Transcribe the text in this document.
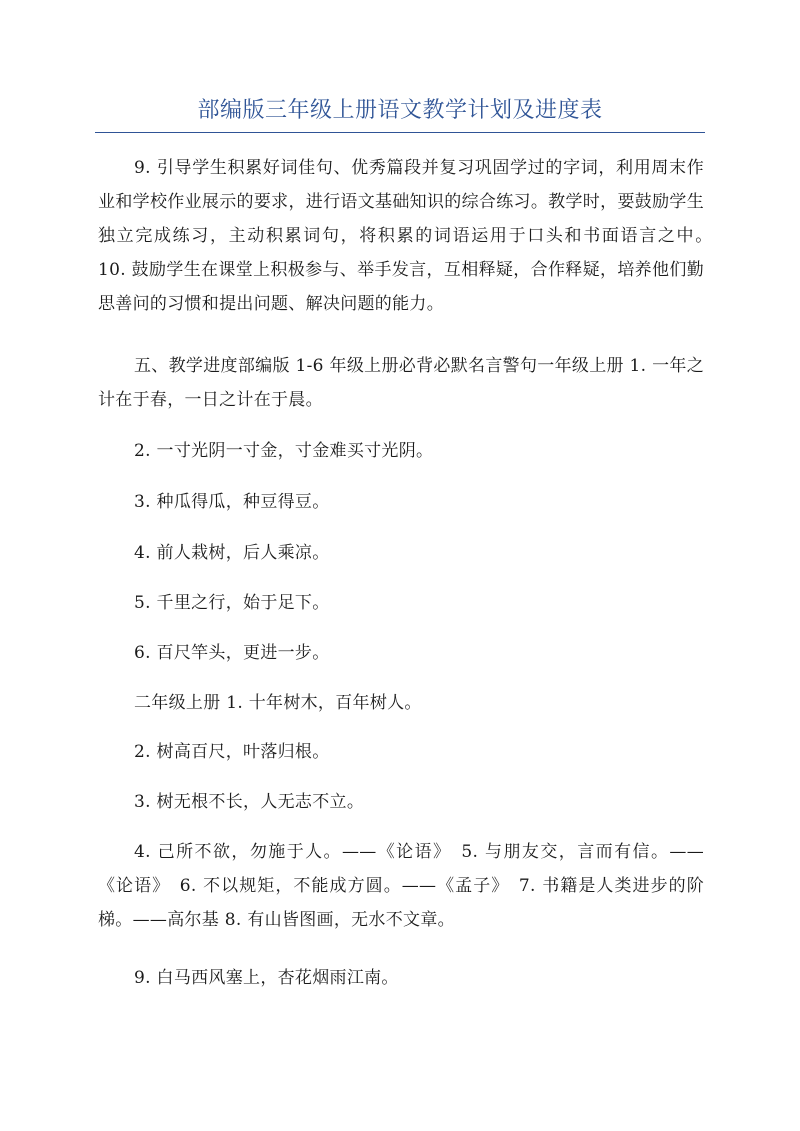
部编版三年级上册语文教学计划及进度表

9. 引导学生积累好词佳句、优秀篇段并复习巩固学过的字词，利用周末作业和学校作业展示的要求，进行语文基础知识的综合练习。教学时，要鼓励学生独立完成练习，主动积累词句，将积累的词语运用于口头和书面语言之中。　　10. 鼓励学生在课堂上积极参与、举手发言，互相释疑，合作释疑，培养他们勤思善问的习惯和提出问题、解决问题的能力。

五、教学进度部编版 1-6 年级上册必背必默名言警句一年级上册 1. 一年之计在于春，一日之计在于晨。

2. 一寸光阴一寸金，寸金难买寸光阴。

3. 种瓜得瓜，种豆得豆。

4. 前人栽树，后人乘凉。

5. 千里之行，始于足下。

6. 百尺竿头，更进一步。

二年级上册 1. 十年树木，百年树人。

2. 树高百尺，叶落归根。

3. 树无根不长，人无志不立。

4. 己所不欲，勿施于人。——《论语》　5. 与朋友交，言而有信。——《论语》　6. 不以规矩，不能成方圆。——《孟子》　7. 书籍是人类进步的阶梯。——高尔基 8. 有山皆图画，无水不文章。

9. 白马西风塞上，杏花烟雨江南。
